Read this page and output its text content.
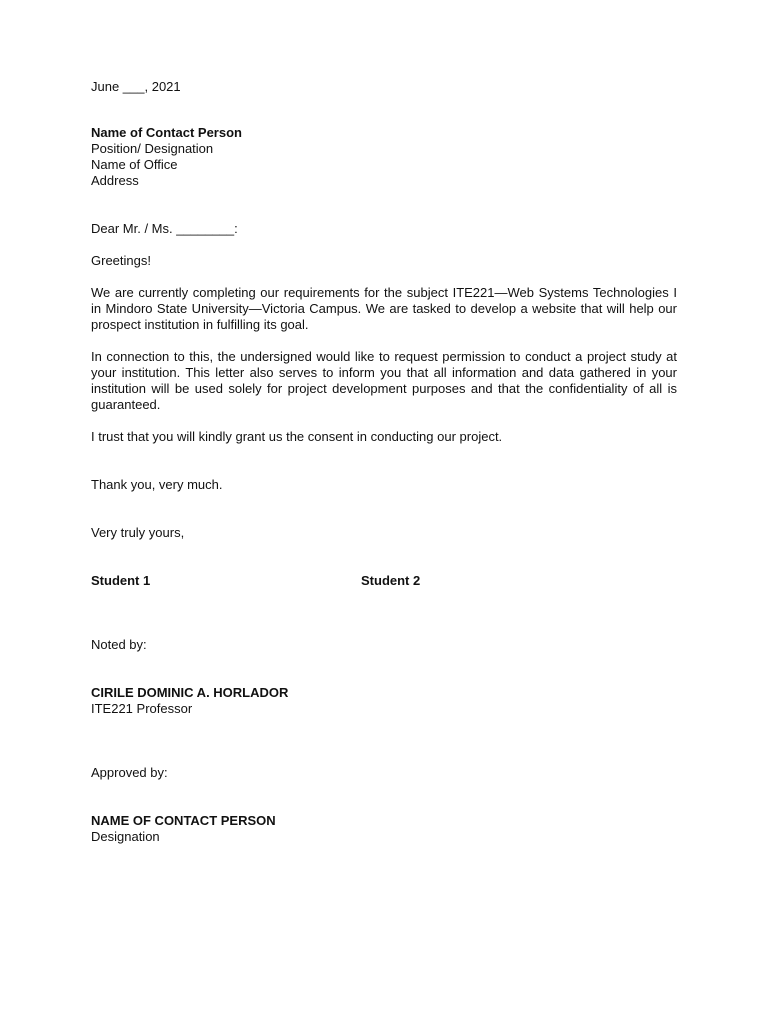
June ___, 2021

Name of Contact Person

Position/ Designation

Name of Office

Address

Dear Mr. / Ms. ________:

Greetings!

We are currently completing our requirements for the subject ITE221—Web Systems Technologies I in Mindoro State University—Victoria Campus. We are tasked to develop a website that will help our prospect institution in fulfilling its goal.

In connection to this, the undersigned would like to request permission to conduct a project study at your institution. This letter also serves to inform you that all information and data gathered in your institution will be used solely for project development purposes and that the confidentiality of all is guaranteed.

I trust that you will kindly grant us the consent in conducting our project.

Thank you, very much.

Very truly yours,

Student 1	Student 2

Noted by:

CIRILE DOMINIC A. HORLADOR

ITE221 Professor

Approved by:

NAME OF CONTACT PERSON

Designation
